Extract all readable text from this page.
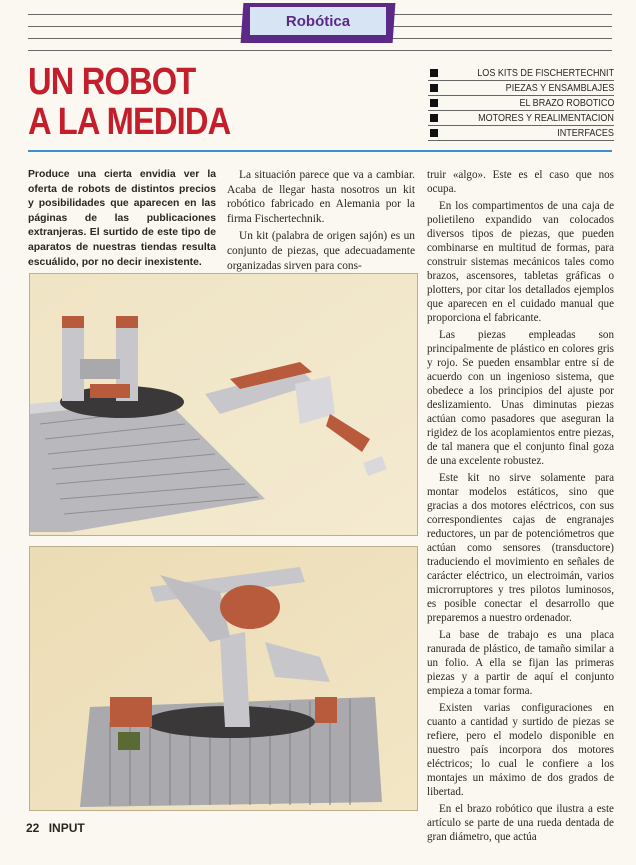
Robótica
UN ROBOT
A LA MEDIDA
LOS KITS DE FISCHERTECHNIT
PIEZAS Y ENSAMBLAJES
EL BRAZO ROBOTICO
MOTORES Y REALIMENTACION
INTERFACES
Produce una cierta envidia ver la oferta de robots de distintos precios y posibilidades que aparecen en las páginas de las publicaciones extranjeras. El surtido de este tipo de aparatos de nuestras tiendas resulta escuálido, por no decir inexistente.

La situación parece que va a cambiar. Acaba de llegar hasta nosotros un kit robótico fabricado en Alemania por la firma Fischertechnik.

Un kit (palabra de origen sajón) es un conjunto de piezas, que adecuadamente organizadas sirven para cons-

truir «algo». Este es el caso que nos ocupa.

En los compartimentos de una caja de polietileno expandido van colocados diversos tipos de piezas, que pueden combinarse en multitud de formas, para construir sistemas mecánicos tales como brazos, ascensores, tabletas gráficas o plotters, por citar los detallados ejemplos que aparecen en el cuidado manual que proporciona el fabricante.

Las piezas empleadas son principalmente de plástico en colores gris y rojo. Se pueden ensamblar entre sí de acuerdo con un ingenioso sistema, que obedece a los principios del ajuste por deslizamiento. Unas diminutas piezas actúan como pasadores que aseguran la rigidez de los acoplamientos entre piezas, de tal manera que el conjunto final goza de una excelente robustez.

Este kit no sirve solamente para montar modelos estáticos, sino que gracias a dos motores eléctricos, con sus correspondientes cajas de engranajes reductores, un par de potenciómetros que actúan como sensores (transductore) traduciendo el movimiento en señales de carácter eléctrico, un electroimán, varios microrruptores y tres pilotos luminosos, es posible conectar el desarrollo que preparemos a nuestro ordenador.

La base de trabajo es una placa ranurada de plástico, de tamaño similar a un folio. A ella se fijan las primeras piezas y a partir de aquí el conjunto empieza a tomar forma.

Existen varias configuraciones en cuanto a cantidad y surtido de piezas se refiere, pero el modelo disponible en nuestro país incorpora dos motores eléctricos; lo cual le confiere a los montajes un máximo de dos grados de libertad.

En el brazo robótico que ilustra a este artículo se parte de una rueda dentada de gran diámetro, que actúa

22 INPUT
